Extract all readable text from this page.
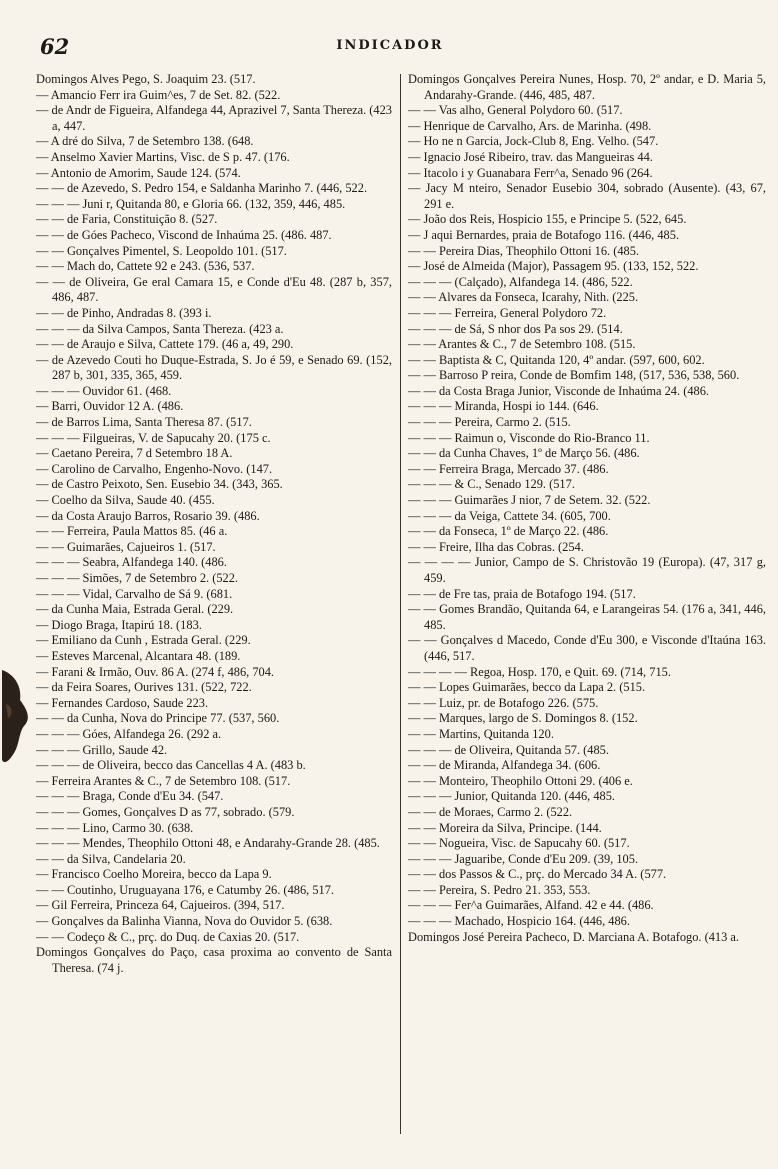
62	INDICADOR

Domingos Alves Pego, S. Joaquim 23. (517.

— Amancio Ferr ira Guim^es, 7 de Set. 82. (522.

— de Andr de Figueira, Alfandega 44, Aprazivel 7, Santa Thereza. (423 a, 447.

— A dré do Silva, 7 de Setembro 138. (648.

— Anselmo Xavier Martins, Visc. de S p. 47. (176.

— Antonio de Amorim, Saude 124. (574.

— — de Azevedo, S. Pedro 154, e Saldanha Marinho 7. (446, 522.

— — — Juni r, Quitanda 80, e Gloria 66. (132, 359, 446, 485.

— — de Faria, Constituição 8. (527.

— — de Góes Pacheco, Viscond de Inhaúma 25. (486. 487.

— — Gonçalves Pimentel, S. Leopoldo 101. (517.

— — Mach do, Cattete 92 e 243. (536, 537.

— — de Oliveira, Ge eral Camara 15, e Conde d'Eu 48. (287 b, 357, 486, 487.

— — de Pinho, Andradas 8. (393 i.

— — — da Silva Campos, Santa Thereza. (423 a.

— — de Araujo e Silva, Cattete 179. (46 a, 49, 290.

— de Azevedo Couti ho Duque-Estrada, S. Jo é 59, e Senado 69. (152, 287 b, 301, 335, 365, 459.

— — — Ouvidor 61. (468.

— Barri, Ouvidor 12 A. (486.

— de Barros Lima, Santa Theresa 87. (517.

— — — Filgueiras, V. de Sapucahy 20. (175 c.

— Caetano Pereira, 7 d Setembro 18 A.

— Carolino de Carvalho, Engenho-Novo. (147.

— de Castro Peixoto, Sen. Eusebio 34. (343, 365.

— Coelho da Silva, Saude 40. (455.

— da Costa Araujo Barros, Rosario 39. (486.

— — Ferreira, Paula Mattos 85. (46 a.

— — Guimarães, Cajueiros 1. (517.

— — — Seabra, Alfandega 140. (486.

— — — Simões, 7 de Setembro 2. (522.

— — — Vidal, Carvalho de Sá 9. (681.

— da Cunha Maia, Estrada Geral. (229.

— Diogo Braga, Itapirú 18. (183.

— Emiliano da Cunh , Estrada Geral. (229.

— Esteves Marcenal, Alcantara 48. (189.

— Farani & Irmão, Ouv. 86 A. (274 f, 486, 704.

— da Feira Soares, Ourives 131. (522, 722.

— Fernandes Cardoso, Saude 223.

— — da Cunha, Nova do Principe 77. (537, 560.

— — — Góes, Alfandega 26. (292 a.

— — — Grillo, Saude 42.

— — — de Oliveira, becco das Cancellas 4 A. (483 b.

— Ferreira Arantes & C., 7 de Setembro 108. (517.

— — — Braga, Conde d'Eu 34. (547.

— — — Gomes, Gonçalves D as 77, sobrado. (579.

— — — Lino, Carmo 30. (638.

— — — Mendes, Theophilo Ottoni 48, e Andarahy-Grande 28. (485.

— — da Silva, Candelaria 20.

— Francisco Coelho Moreira, becco da Lapa 9.

— — Coutinho, Uruguayana 176, e Catumby 26. (486, 517.

— Gil Ferreira, Princeza 64, Cajueiros. (394, 517.

— Gonçalves da Balinha Vianna, Nova do Ouvidor 5. (638.

— — Codeço & C., prç. do Duq. de Caxias 20. (517.

Domingos Gonçalves do Paço, casa proxima ao convento de Santa Theresa. (74 j.

Domingos Gonçalves Pereira Nunes, Hosp. 70, 2º andar, e D. Maria 5, Andarahy-Grande. (446, 485, 487.

— — Vas alho, General Polydoro 60. (517.

— Henrique de Carvalho, Ars. de Marinha. (498.

— Ho ne n Garcia, Jock-Club 8, Eng. Velho. (547.

— Ignacio José Ribeiro, trav. das Mangueiras 44.

— Itacolo i y Guanabara Ferr^a, Senado 96 (264.

— Jacy M nteiro, Senador Eusebio 304, sobrado (Ausente). (43, 67, 291 e.

— João dos Reis, Hospicio 155, e Principe 5. (522, 645.

— J aqui Bernardes, praia de Botafogo 116. (446, 485.

— — Pereira Dias, Theophilo Ottoni 16. (485.

— José de Almeida (Major), Passagem 95. (133, 152, 522.

— — — (Calçado), Alfandega 14. (486, 522.

— — Alvares da Fonseca, Icarahy, Nith. (225.

— — — Ferreira, General Polydoro 72.

— — — de Sá, S nhor dos Pa sos 29. (514.

— — Arantes & C., 7 de Setembro 108. (515.

— — Baptista & C, Quitanda 120, 4º andar. (597, 600, 602.

— — Barroso P reira, Conde de Bomfim 148, (517, 536, 538, 560.

— — da Costa Braga Junior, Visconde de Inhaúma 24. (486.

— — — Miranda, Hospi io 144. (646.

— — — Pereira, Carmo 2. (515.

— — — Raimun o, Visconde do Rio-Branco 11.

— — da Cunha Chaves, 1º de Março 56. (486.

— — Ferreira Braga, Mercado 37. (486.

— — — & C., Senado 129. (517.

— — — Guimarães J nior, 7 de Setem. 32. (522.

— — — da Veiga, Cattete 34. (605, 700.

— — da Fonseca, 1º de Março 22. (486.

— — Freire, Ilha das Cobras. (254.

— — — — Junior, Campo de S. Christovão 19 (Europa). (47, 317 g, 459.

— — de Fre tas, praia de Botafogo 194. (517.

— — Gomes Brandão, Quitanda 64, e Larangeiras 54. (176 a, 341, 446, 485.

— — Gonçalves d Macedo, Conde d'Eu 300, e Visconde d'Itaúna 163. (446, 517.

— — — — Regoa, Hosp. 170, e Quit. 69. (714, 715.

— — Lopes Guimarães, becco da Lapa 2. (515.

— — Luiz, pr. de Botafogo 226. (575.

— — Marques, largo de S. Domingos 8. (152.

— — Martins, Quitanda 120.

— — — de Oliveira, Quitanda 57. (485.

— — de Miranda, Alfandega 34. (606.

— — Monteiro, Theophilo Ottoni 29. (406 e.

— — — Junior, Quitanda 120. (446, 485.

— — de Moraes, Carmo 2. (522.

— — Moreira da Silva, Principe. (144.

— — Nogueira, Visc. de Sapucahy 60. (517.

— — — Jaguaribe, Conde d'Eu 209. (39, 105.

— — dos Passos & C., prç. do Mercado 34 A. (577.

— — Pereira, S. Pedro 21. 353, 553.

— — — Fer^a Guimarães, Alfand. 42 e 44. (486.

— — — Machado, Hospicio 164. (446, 486.

Domingos José Pereira Pacheco, D. Marciana A. Botafogo. (413 a.
